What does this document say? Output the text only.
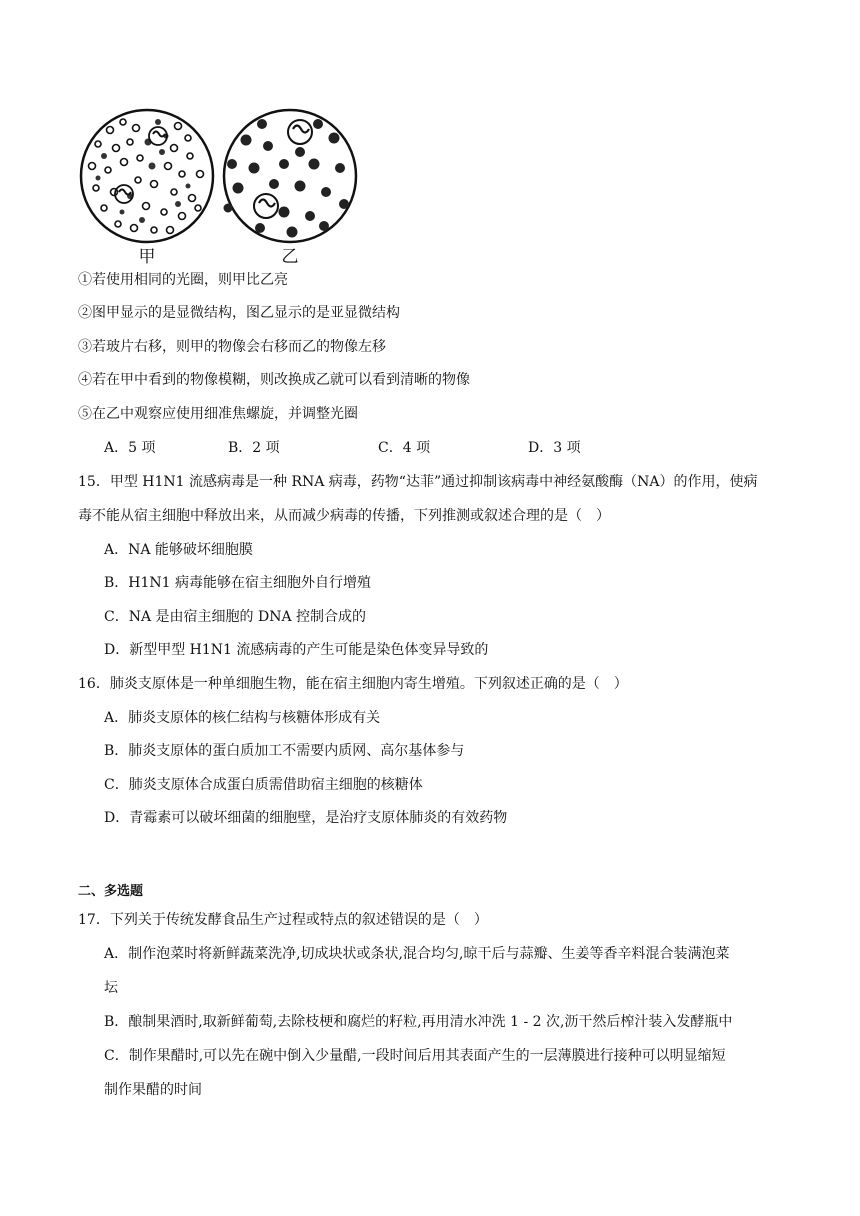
甲	乙
①若使用相同的光圈，则甲比乙亮
②图甲显示的是显微结构，图乙显示的是亚显微结构
③若玻片右移，则甲的物像会右移而乙的物像左移
④若在甲中看到的物像模糊，则改换成乙就可以看到清晰的物像
⑤在乙中观察应使用细准焦螺旋，并调整光圈
A．5 项	B．2 项	C．4 项	D．3 项
15．甲型 H1N1 流感病毒是一种 RNA 病毒，药物“达菲”通过抑制该病毒中神经氨酸酶（NA）的作用，使病
毒不能从宿主细胞中释放出来，从而减少病毒的传播，下列推测或叙述合理的是（　）
A．NA 能够破坏细胞膜
B．H1N1 病毒能够在宿主细胞外自行增殖
C．NA 是由宿主细胞的 DNA 控制合成的
D．新型甲型 H1N1 流感病毒的产生可能是染色体变异导致的
16．肺炎支原体是一种单细胞生物，能在宿主细胞内寄生增殖。下列叙述正确的是（　）
A．肺炎支原体的核仁结构与核糖体形成有关
B．肺炎支原体的蛋白质加工不需要内质网、高尔基体参与
C．肺炎支原体合成蛋白质需借助宿主细胞的核糖体
D．青霉素可以破坏细菌的细胞壁，是治疗支原体肺炎的有效药物
二、多选题
17．下列关于传统发酵食品生产过程或特点的叙述错误的是（　）
A．制作泡菜时将新鲜蔬菜洗净,切成块状或条状,混合均匀,晾干后与蒜瓣、生姜等香辛料混合装满泡菜
坛
B．酿制果酒时,取新鲜葡萄,去除枝梗和腐烂的籽粒,再用清水冲洗 1 - 2 次,沥干然后榨汁装入发酵瓶中
C．制作果醋时,可以先在碗中倒入少量醋,一段时间后用其表面产生的一层薄膜进行接种可以明显缩短
制作果醋的时间
